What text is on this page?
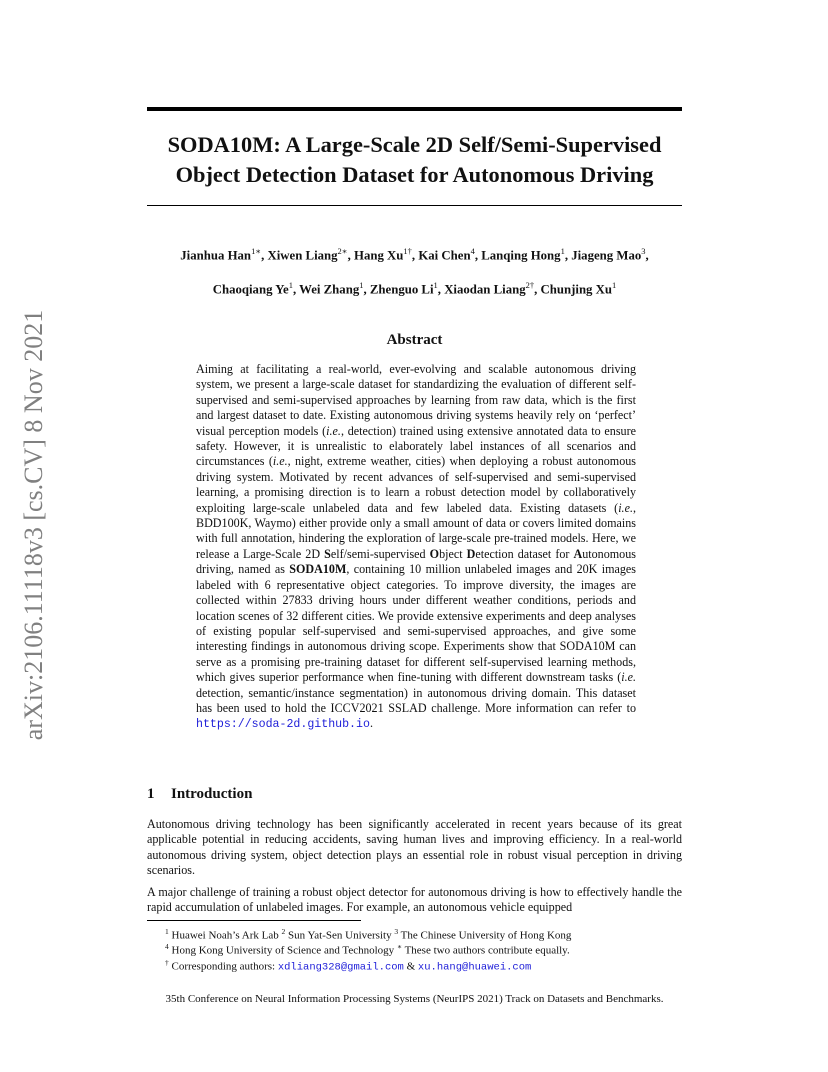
arXiv:2106.11118v3 [cs.CV] 8 Nov 2021
SODA10M: A Large-Scale 2D Self/Semi-Supervised
Object Detection Dataset for Autonomous Driving
Jianhua Han$^{1∗}$, Xiwen Liang$^{2∗}$, Hang $Xu^{1\dagger}$, Kai Chen$^4$, Lanqing Hong$^1$, Jiageng Mao$^3$,
Chaoqiang Ye$^1$, Wei Zhang$^1$, Zhenguo Li$^1$, Xiaodan Liang$^{2\dagger}$, Chunjing Xu$^1$
Abstract

Aiming at facilitating a real-world, ever-evolving and scalable autonomous driving system, we present a large-scale dataset for standardizing the evaluation of different self-supervised and semi-supervised approaches by learning from raw data, which is the first and largest dataset to date. Existing autonomous driving systems heavily rely on ‘perfect’ visual perception models (i.e., detection) trained using extensive annotated data to ensure safety. However, it is unrealistic to elaborately label instances of all scenarios and circumstances (i.e., night, extreme weather, cities) when deploying a robust autonomous driving system. Motivated by recent advances of self-supervised and semi-supervised learning, a promising direction is to learn a robust detection model by collaboratively exploiting large-scale unlabeled data and few labeled data. Existing datasets (i.e., BDD100K, Waymo) either provide only a small amount of data or covers limited domains with full annotation, hindering the exploration of large-scale pre-trained models. Here, we release a Large-Scale 2D Self/semi-supervised Object Detection dataset for Autonomous driving, named as SODA10M, containing 10 million unlabeled images and 20K images labeled with 6 representative object categories. To improve diversity, the images are collected within 27833 driving hours under different weather conditions, periods and location scenes of 32 different cities. We provide extensive experiments and deep analyses of existing popular self-supervised and semi-supervised approaches, and give some interesting findings in autonomous driving scope. Experiments show that SODA10M can serve as a promising pre-training dataset for different self-supervised learning methods, which gives superior performance when fine-tuning with different downstream tasks (i.e. detection, semantic/instance segmentation) in autonomous driving domain. This dataset has been used to hold the ICCV2021 SSLAD challenge. More information can refer to https://soda-2d.github.io.

1 Introduction

Autonomous driving technology has been significantly accelerated in recent years because of its great applicable potential in reducing accidents, saving human lives and improving efficiency. In a real-world autonomous driving system, object detection plays an essential role in robust visual perception in driving scenarios.

A major challenge of training a robust object detector for autonomous driving is how to effectively handle the rapid accumulation of unlabeled images. For example, an autonomous vehicle equipped

$^1$ Huawei Noah’s Ark Lab $^2$ Sun Yat-Sen University $^3$ The Chinese University of Hong Kong
$^4$ Hong Kong University of Science and Technology ∗ These two authors contribute equally.
† Corresponding authors: xdliang328@gmail.com & xu.hang@huawei.com
35th Conference on Neural Information Processing Systems (NeurIPS 2021) Track on Datasets and Benchmarks.
